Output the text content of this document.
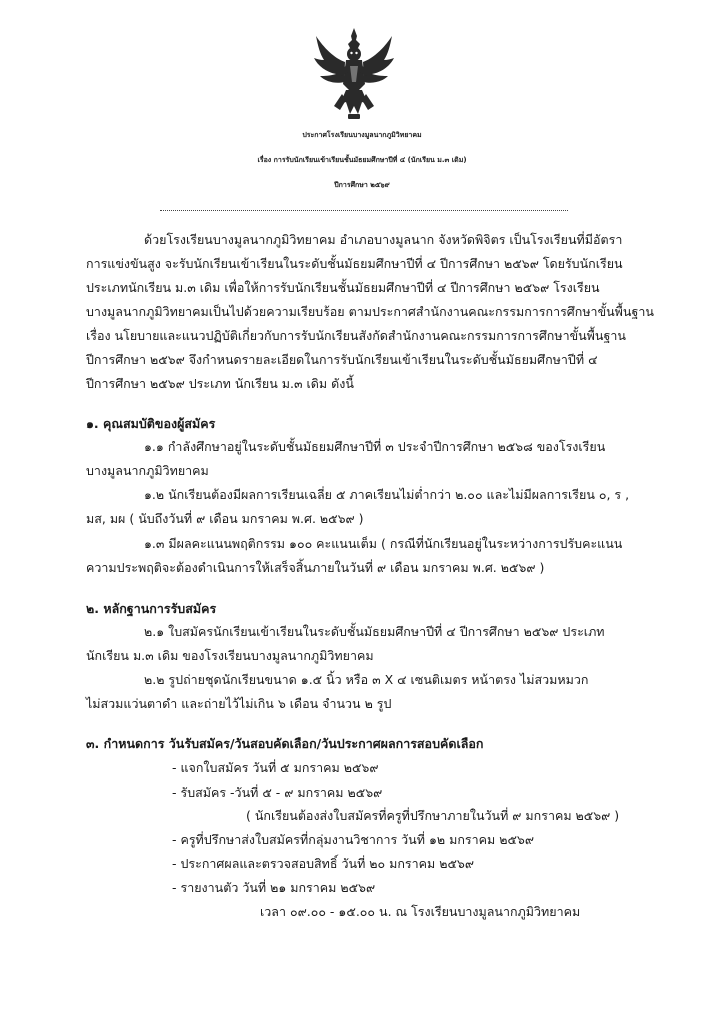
ประกาศโรงเรียนบางมูลนากภูมิวิทยาคม
เรื่อง การรับนักเรียนเข้าเรียนชั้นมัธยมศึกษาปีที่ ๔ (นักเรียน ม.๓ เดิม)
ปีการศึกษา ๒๕๖๙
ด้วยโรงเรียนบางมูลนากภูมิวิทยาคม อำเภอบางมูลนาก จังหวัดพิจิตร เป็นโรงเรียนที่มีอัตรา
การแข่งขันสูง จะรับนักเรียนเข้าเรียนในระดับชั้นมัธยมศึกษาปีที่ ๔ ปีการศึกษา ๒๕๖๙ โดยรับนักเรียน
ประเภทนักเรียน ม.๓ เดิม เพื่อให้การรับนักเรียนชั้นมัธยมศึกษาปีที่ ๔ ปีการศึกษา ๒๕๖๙ โรงเรียน
บางมูลนากภูมิวิทยาคมเป็นไปด้วยความเรียบร้อย ตามประกาศสำนักงานคณะกรรมการการศึกษาขั้นพื้นฐาน
เรื่อง นโยบายและแนวปฏิบัติเกี่ยวกับการรับนักเรียนสังกัดสำนักงานคณะกรรมการการศึกษาขั้นพื้นฐาน
ปีการศึกษา ๒๕๖๙ จึงกำหนดรายละเอียดในการรับนักเรียนเข้าเรียนในระดับชั้นมัธยมศึกษาปีที่ ๔
ปีการศึกษา ๒๕๖๙ ประเภท นักเรียน ม.๓ เดิม ดังนี้
๑. คุณสมบัติของผู้สมัคร
๑.๑ กำลังศึกษาอยู่ในระดับชั้นมัธยมศึกษาปีที่ ๓ ประจำปีการศึกษา ๒๕๖๘ ของโรงเรียน
บางมูลนากภูมิวิทยาคม
๑.๒ นักเรียนต้องมีผลการเรียนเฉลี่ย ๕ ภาคเรียนไม่ต่ำกว่า ๒.๐๐ และไม่มีผลการเรียน ๐, ร ,
มส, มผ ( นับถึงวันที่ ๙ เดือน มกราคม พ.ศ. ๒๕๖๙ )
๑.๓ มีผลคะแนนพฤติกรรม ๑๐๐ คะแนนเต็ม ( กรณีที่นักเรียนอยู่ในระหว่างการปรับคะแนน
ความประพฤติจะต้องดำเนินการให้เสร็จสิ้นภายในวันที่ ๙ เดือน มกราคม พ.ศ. ๒๕๖๙ )
๒. หลักฐานการรับสมัคร
๒.๑ ใบสมัครนักเรียนเข้าเรียนในระดับชั้นมัธยมศึกษาปีที่ ๔ ปีการศึกษา ๒๕๖๙ ประเภท
นักเรียน ม.๓ เดิม ของโรงเรียนบางมูลนากภูมิวิทยาคม
๒.๒ รูปถ่ายชุดนักเรียนขนาด ๑.๕ นิ้ว หรือ ๓ X ๔ เซนติเมตร หน้าตรง ไม่สวมหมวก
ไม่สวมแว่นตาดำ และถ่ายไว้ไม่เกิน ๖ เดือน จำนวน ๒ รูป
๓. กำหนดการ วันรับสมัคร/วันสอบคัดเลือก/วันประกาศผลการสอบคัดเลือก
- แจกใบสมัคร วันที่ ๕ มกราคม ๒๕๖๙
- รับสมัคร -วันที่ ๕ - ๙ มกราคม ๒๕๖๙
( นักเรียนต้องส่งใบสมัครที่ครูที่ปรึกษาภายในวันที่ ๙ มกราคม ๒๕๖๙ )
- ครูที่ปรึกษาส่งใบสมัครที่กลุ่มงานวิชาการ วันที่ ๑๒ มกราคม ๒๕๖๙
- ประกาศผลและตรวจสอบสิทธิ์ วันที่ ๒๐ มกราคม ๒๕๖๙
- รายงานตัว วันที่ ๒๑ มกราคม ๒๕๖๙
เวลา ๐๙.๐๐ - ๑๕.๐๐ น. ณ โรงเรียนบางมูลนากภูมิวิทยาคม
